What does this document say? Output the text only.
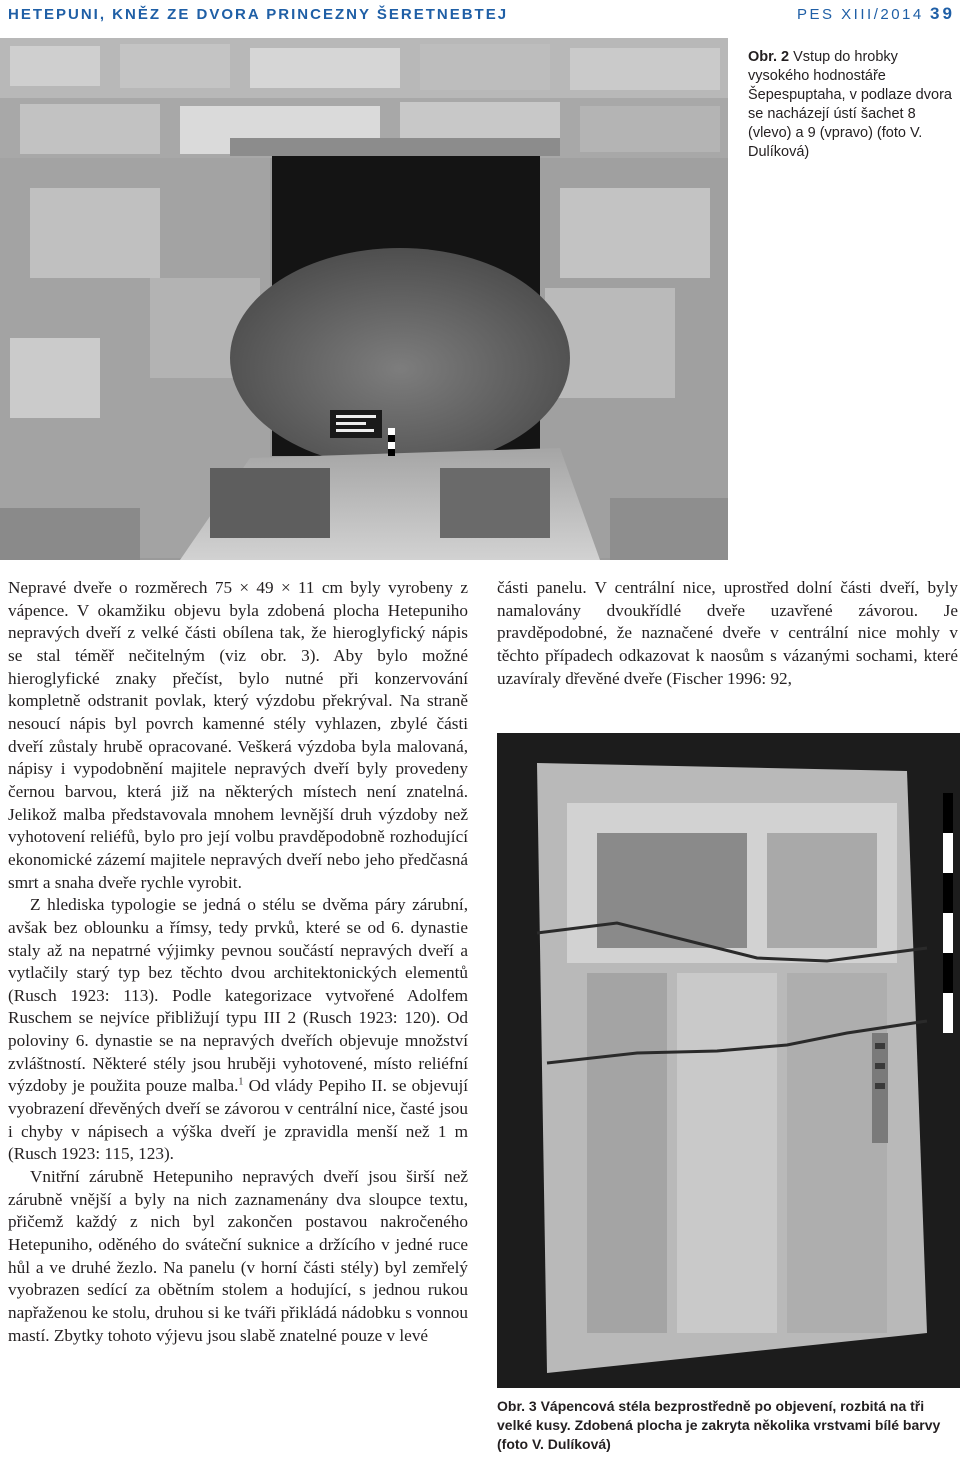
HETEPUNI, KNĚZ ZE DVORA PRINCEZNY ŠERETNEBTEJ	PES XIII/2014 39
Obr. 2 Vstup do hrobky vysokého hodnostáře Šepespuptaha, v podlaze dvora se nacházejí ústí šachet 8 (vlevo) a 9 (vpravo) (foto V. Dulíková)

Nepravé dveře o rozměrech 75 × 49 × 11 cm byly vyrobeny z vápence. V okamžiku objevu byla zdobená plocha Hetepuniho nepravých dveří z velké části obílena tak, že hieroglyfický nápis se stal téměř nečitelným (viz obr. 3). Aby bylo možné hieroglyfické znaky přečíst, bylo nutné při konzervování kompletně odstranit povlak, který výzdobu překrýval. Na straně nesoucí nápis byl povrch kamenné stély vyhlazen, zbylé části dveří zůstaly hrubě opracované. Veškerá výzdoba byla malovaná, nápisy i vypodobnění majitele nepravých dveří byly provedeny černou barvou, která již na některých místech není znatelná. Jelikož malba představovala mnohem levnější druh výzdoby než vyhotovení reliéfů, bylo pro její volbu pravděpodobně rozhodující ekonomické zázemí majitele nepravých dveří nebo jeho předčasná smrt a snaha dveře rychle vyrobit.

Z hlediska typologie se jedná o stélu se dvěma páry zárubní, avšak bez oblounku a římsy, tedy prvků, které se od 6. dynastie staly až na nepatrné výjimky pevnou součástí nepravých dveří a vytlačily starý typ bez těchto dvou architektonických elementů (Rusch 1923: 113). Podle kategorizace vytvořené Adolfem Ruschem se nejvíce přibližují typu III 2 (Rusch 1923: 120). Od poloviny 6. dynastie se na nepravých dveřích objevuje množství zvláštností. Některé stély jsou hruběji vyhotovené, místo reliéfní výzdoby je použita pouze malba.$^1$ Od vlády Pepiho II. se objevují vyobrazení dřevěných dveří se závorou v centrální nice, časté jsou i chyby v nápisech a výška dveří je zpravidla menší než 1 m (Rusch 1923: 115, 123).

Vnitřní zárubně Hetepuniho nepravých dveří jsou širší než zárubně vnější a byly na nich zaznamenány dva sloupce textu, přičemž každý z nich byl zakončen postavou nakročeného Hetepuniho, oděného do sváteční suknice a držícího v jedné ruce hůl a ve druhé žezlo. Na panelu (v horní části stély) byl zemřelý vyobrazen sedící za obětním stolem a hodující, s jednou rukou napřaženou ke stolu, druhou si ke tváři přikládá nádobku s vonnou mastí. Zbytky tohoto výjevu jsou slabě znatelné pouze v levé

části panelu. V centrální nice, uprostřed dolní části dveří, byly namalovány dvoukřídlé dveře uzavřené závorou. Je pravděpodobné, že naznačené dveře v centrální nice mohly v těchto případech odkazovat k naosům s vázanými sochami, které uzavíraly dřevěné dveře (Fischer 1996: 92,

Obr. 3 Vápencová stéla bezprostředně po objevení, rozbitá na tři velké kusy. Zdobená plocha je zakryta několika vrstvami bílé barvy (foto V. Dulíková)
